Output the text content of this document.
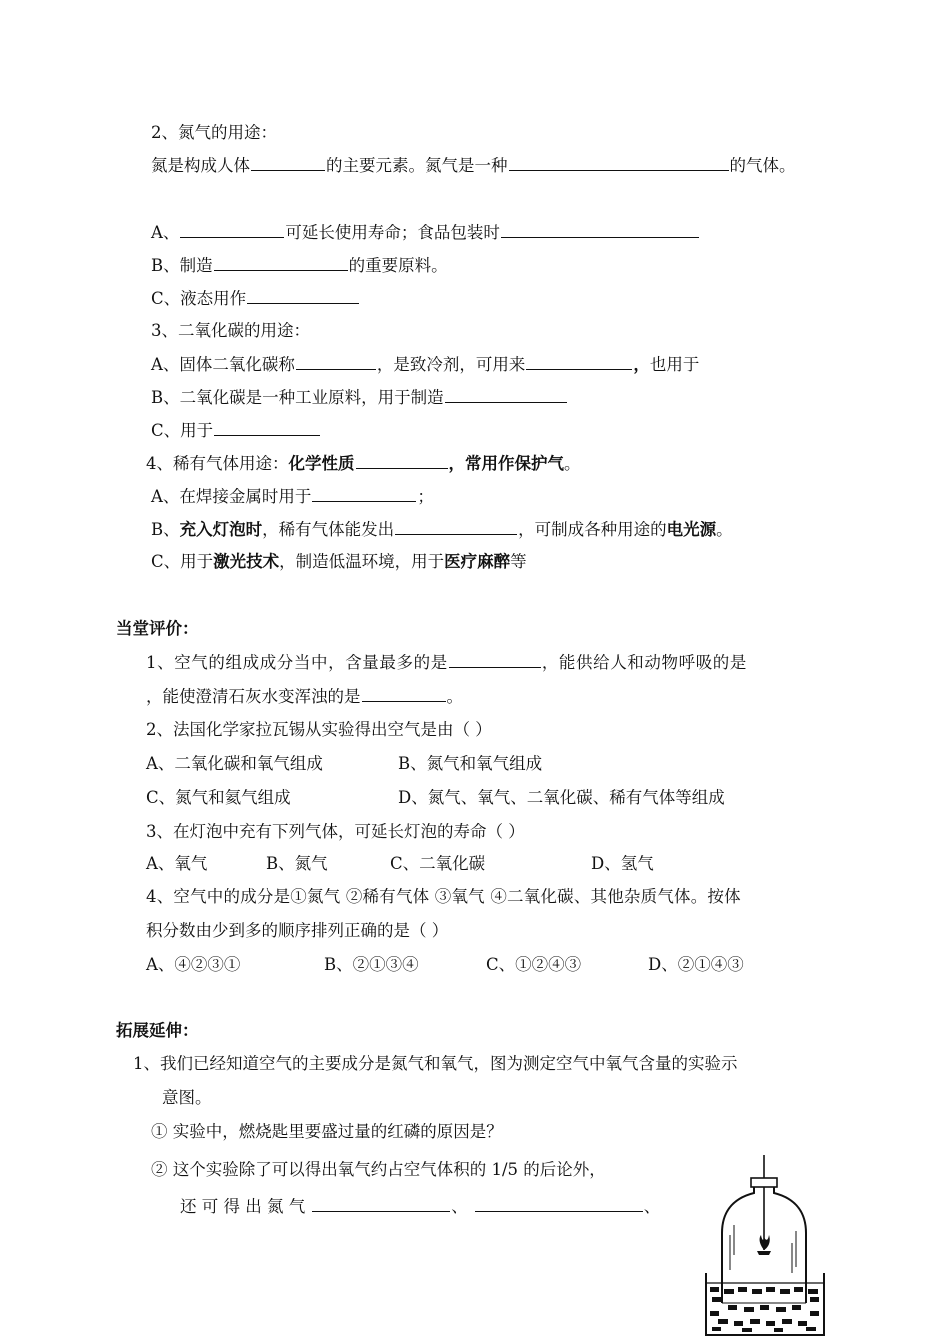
2、氮气的用途：
氮是构成人体	的主要元素。氮气是一种	的气体。
A、	可延长使用寿命；食品包装时
B、制造	的重要原料。
C、液态用作
3、二氧化碳的用途：
A、固体二氧化碳称	，是致冷剂，可用来	，也用于
B、二氧化碳是一种工业原料，用于制造
C、用于
4、稀有气体用途：化学性质	，常用作保护气。
A、在焊接金属时用于	；
B、充入灯泡时，稀有气体能发出	，可制成各种用途的电光源。
C、用于激光技术，制造低温环境，用于医疗麻醉等
当堂评价：
1、空气的组成成分当中，含量最多的是	，能供给人和动物呼吸的是
，能使澄清石灰水变浑浊的是	。
2、法国化学家拉瓦锡从实验得出空气是由（ ）
A、二氧化碳和氧气组成	B、氮气和氧气组成
C、氮气和氦气组成	D、氮气、氧气、二氧化碳、稀有气体等组成
3、在灯泡中充有下列气体，可延长灯泡的寿命（ ）
A、氧气	B、氮气	C、二氧化碳	D、氢气
4、空气中的成分是①氮气 ②稀有气体 ③氧气 ④二氧化碳、其他杂质气体。按体
积分数由少到多的顺序排列正确的是（ ）
A、④②③①	B、②①③④	C、①②④③	D、②①④③
拓展延伸：
1、我们已经知道空气的主要成分是氮气和氧气，图为测定空气中氧气含量的实验示
意图。
① 实验中，燃烧匙里要盛过量的红磷的原因是？
② 这个实验除了可以得出氧气约占空气体积的 1/5 的后论外，
还 可 得 出 氮 气	、	、
